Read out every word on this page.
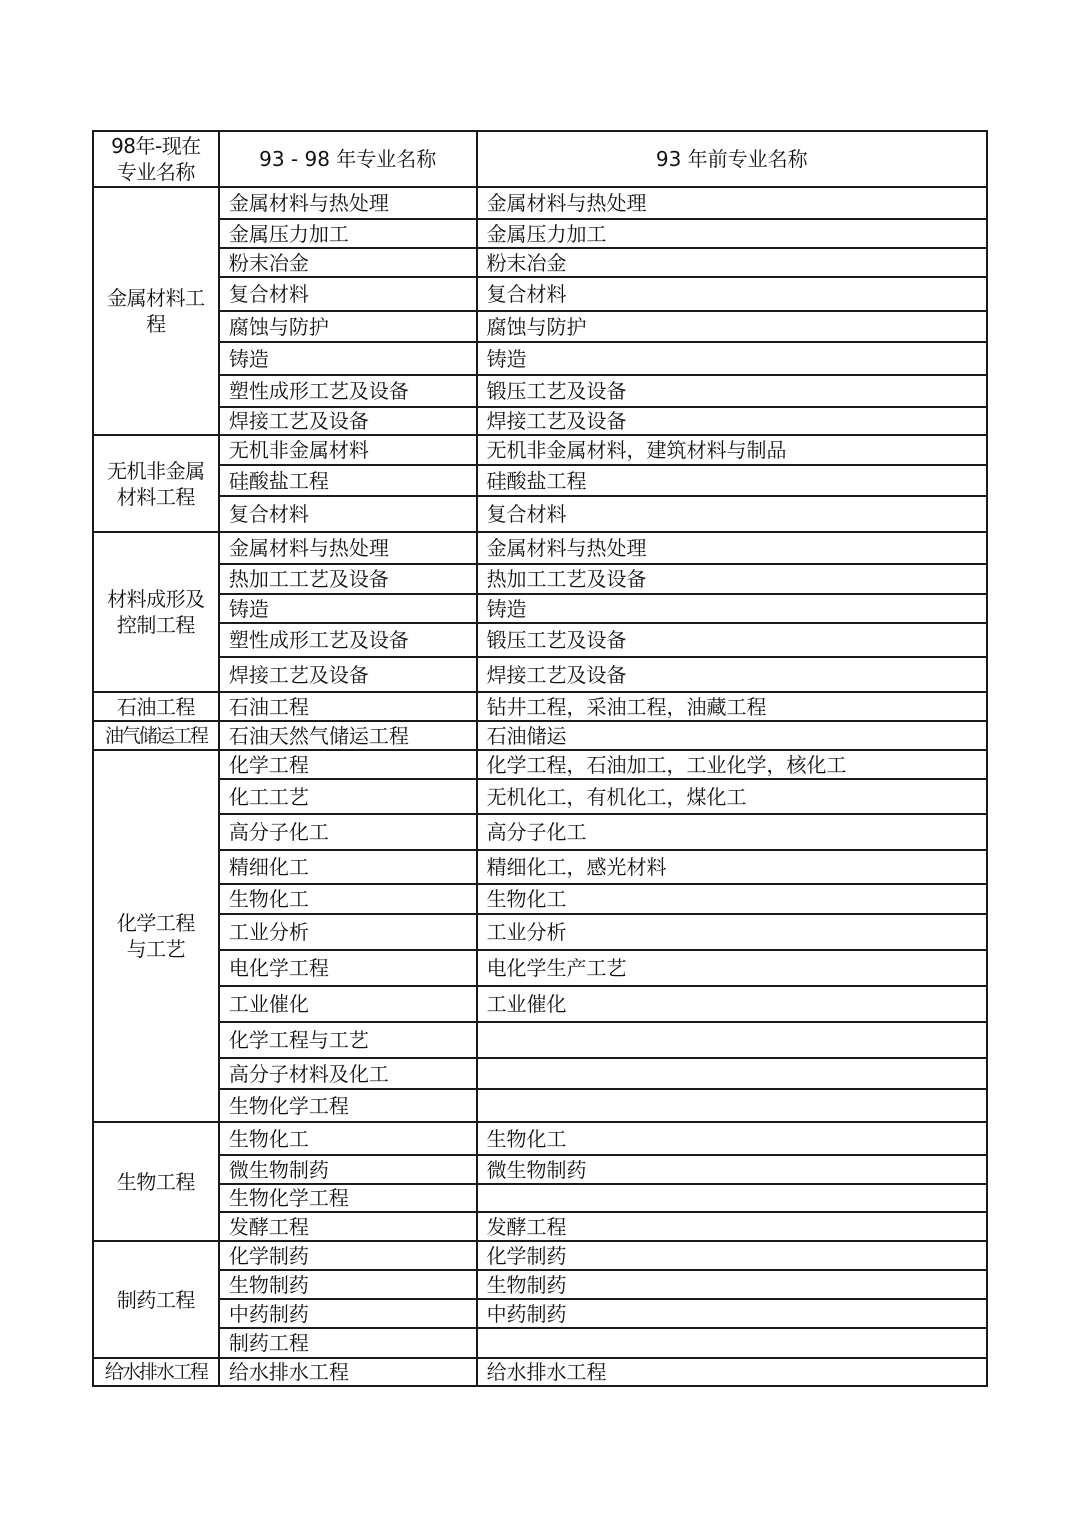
98年-现在
专业名称	93 - 98 年专业名称	93 年前专业名称

金属材料工
程	金属材料与热处理	金属材料与热处理
	金属压力加工	金属压力加工
	粉末冶金	粉末冶金
	复合材料	复合材料
	腐蚀与防护	腐蚀与防护
	铸造	铸造
	塑性成形工艺及设备	锻压工艺及设备
	焊接工艺及设备	焊接工艺及设备

无机非金属
材料工程	无机非金属材料	无机非金属材料，建筑材料与制品
	硅酸盐工程	硅酸盐工程
	复合材料	复合材料

材料成形及
控制工程	金属材料与热处理	金属材料与热处理
	热加工工艺及设备	热加工工艺及设备
	铸造	铸造
	塑性成形工艺及设备	锻压工艺及设备
	焊接工艺及设备	焊接工艺及设备

石油工程	石油工程	钻井工程，采油工程，油藏工程

油气储运工程	石油天然气储运工程	石油储运

化学工程
与工艺	化学工程	化学工程，石油加工，工业化学，核化工
	化工工艺	无机化工，有机化工，煤化工
	高分子化工	高分子化工
	精细化工	精细化工，感光材料
	生物化工	生物化工
	工业分析	工业分析
	电化学工程	电化学生产工艺
	工业催化	工业催化
	化学工程与工艺	
	高分子材料及化工	
	生物化学工程	

生物工程	生物化工	生物化工
	微生物制药	微生物制药
	生物化学工程	
	发酵工程	发酵工程

制药工程	化学制药	化学制药
	生物制药	生物制药
	中药制药	中药制药
	制药工程	

给水排水工程	给水排水工程	给水排水工程
